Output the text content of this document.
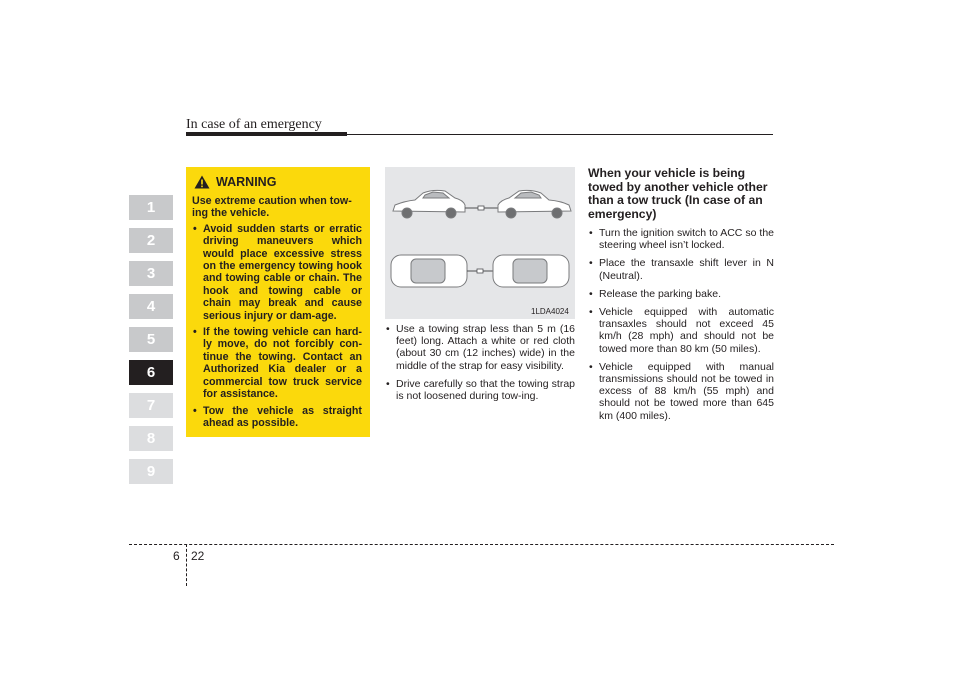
In case of an emergency
1
2
3
4
5
6
7
8
9
WARNING
Use extreme caution when tow-ing the vehicle.
• Avoid sudden starts or erratic driving maneuvers which would place excessive stress on the emergency towing hook and towing cable or chain. The hook and towing cable or chain may break and cause serious injury or dam-age.
• If the towing vehicle can hard-ly move, do not forcibly con-tinue the towing. Contact an Authorized Kia dealer or a commercial tow truck service for assistance.
• Tow the vehicle as straight ahead as possible.
1LDA4024
• Use a towing strap less than 5 m (16 feet) long. Attach a white or red cloth (about 30 cm (12 inches) wide) in the middle of the strap for easy visibility.
• Drive carefully so that the towing strap is not loosened during tow-ing.
When your vehicle is being towed by another vehicle other than a tow truck (In case of an emergency)
• Turn the ignition switch to ACC so the steering wheel isn’t locked.
• Place the transaxle shift lever in N (Neutral).
• Release the parking bake.
• Vehicle equipped with automatic transaxles should not exceed 45 km/h (28 mph) and should not be towed more than 80 km (50 miles).
• Vehicle equipped with manual transmissions should not be towed in excess of 88 km/h (55 mph) and should not be towed more than 645 km (400 miles).
6 22
